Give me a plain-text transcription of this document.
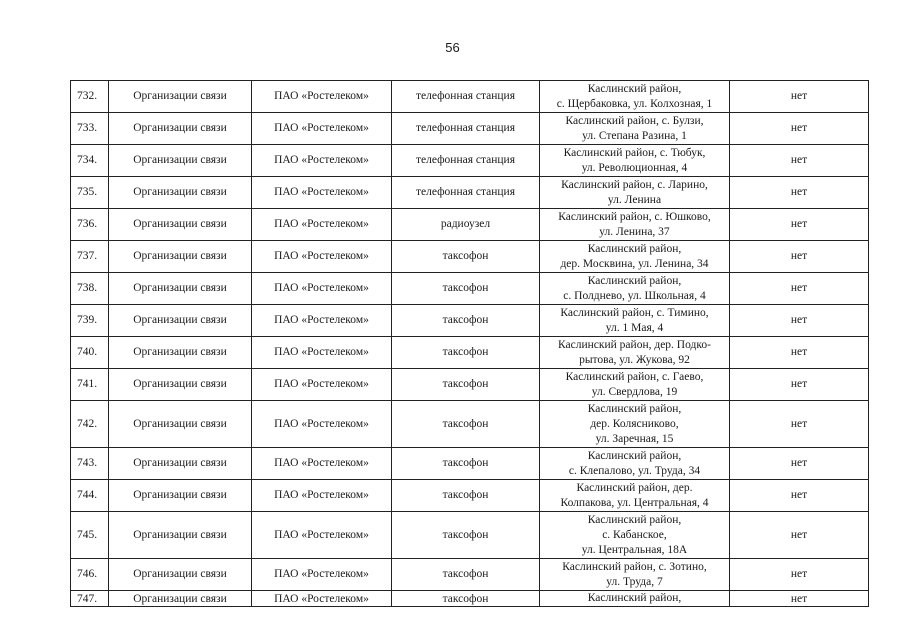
56
732.	Организации связи	ПАО «Ростелеком»	телефонная станция	Каслинский район,
с. Щербаковка, ул. Колхозная, 1	нет
733.	Организации связи	ПАО «Ростелеком»	телефонная станция	Каслинский район, с. Булзи,
ул. Степана Разина, 1	нет
734.	Организации связи	ПАО «Ростелеком»	телефонная станция	Каслинский район, с. Тюбук,
ул. Революционная, 4	нет
735.	Организации связи	ПАО «Ростелеком»	телефонная станция	Каслинский район, с. Ларино,
ул. Ленина	нет
736.	Организации связи	ПАО «Ростелеком»	радиоузел	Каслинский район, с. Юшково,
ул. Ленина, 37	нет
737.	Организации связи	ПАО «Ростелеком»	таксофон	Каслинский район,
дер. Москвина, ул. Ленина, 34	нет
738.	Организации связи	ПАО «Ростелеком»	таксофон	Каслинский район,
с. Полднево, ул. Школьная, 4	нет
739.	Организации связи	ПАО «Ростелеком»	таксофон	Каслинский район, с. Тимино,
ул. 1 Мая, 4	нет
740.	Организации связи	ПАО «Ростелеком»	таксофон	Каслинский район, дер. Подко-
рытова, ул. Жукова, 92	нет
741.	Организации связи	ПАО «Ростелеком»	таксофон	Каслинский район, с. Гаево,
ул. Свердлова, 19	нет
742.	Организации связи	ПАО «Ростелеком»	таксофон	Каслинский район,
дер. Колясниково,
ул. Заречная, 15	нет
743.	Организации связи	ПАО «Ростелеком»	таксофон	Каслинский район,
с. Клепалово, ул. Труда, 34	нет
744.	Организации связи	ПАО «Ростелеком»	таксофон	Каслинский район, дер.
Колпакова, ул. Центральная, 4	нет
745.	Организации связи	ПАО «Ростелеком»	таксофон	Каслинский район,
с. Кабанское,
ул. Центральная, 18А	нет
746.	Организации связи	ПАО «Ростелеком»	таксофон	Каслинский район, с. Зотино,
ул. Труда, 7	нет
747.	Организации связи	ПАО «Ростелеком»	таксофон	Каслинский район,	нет
